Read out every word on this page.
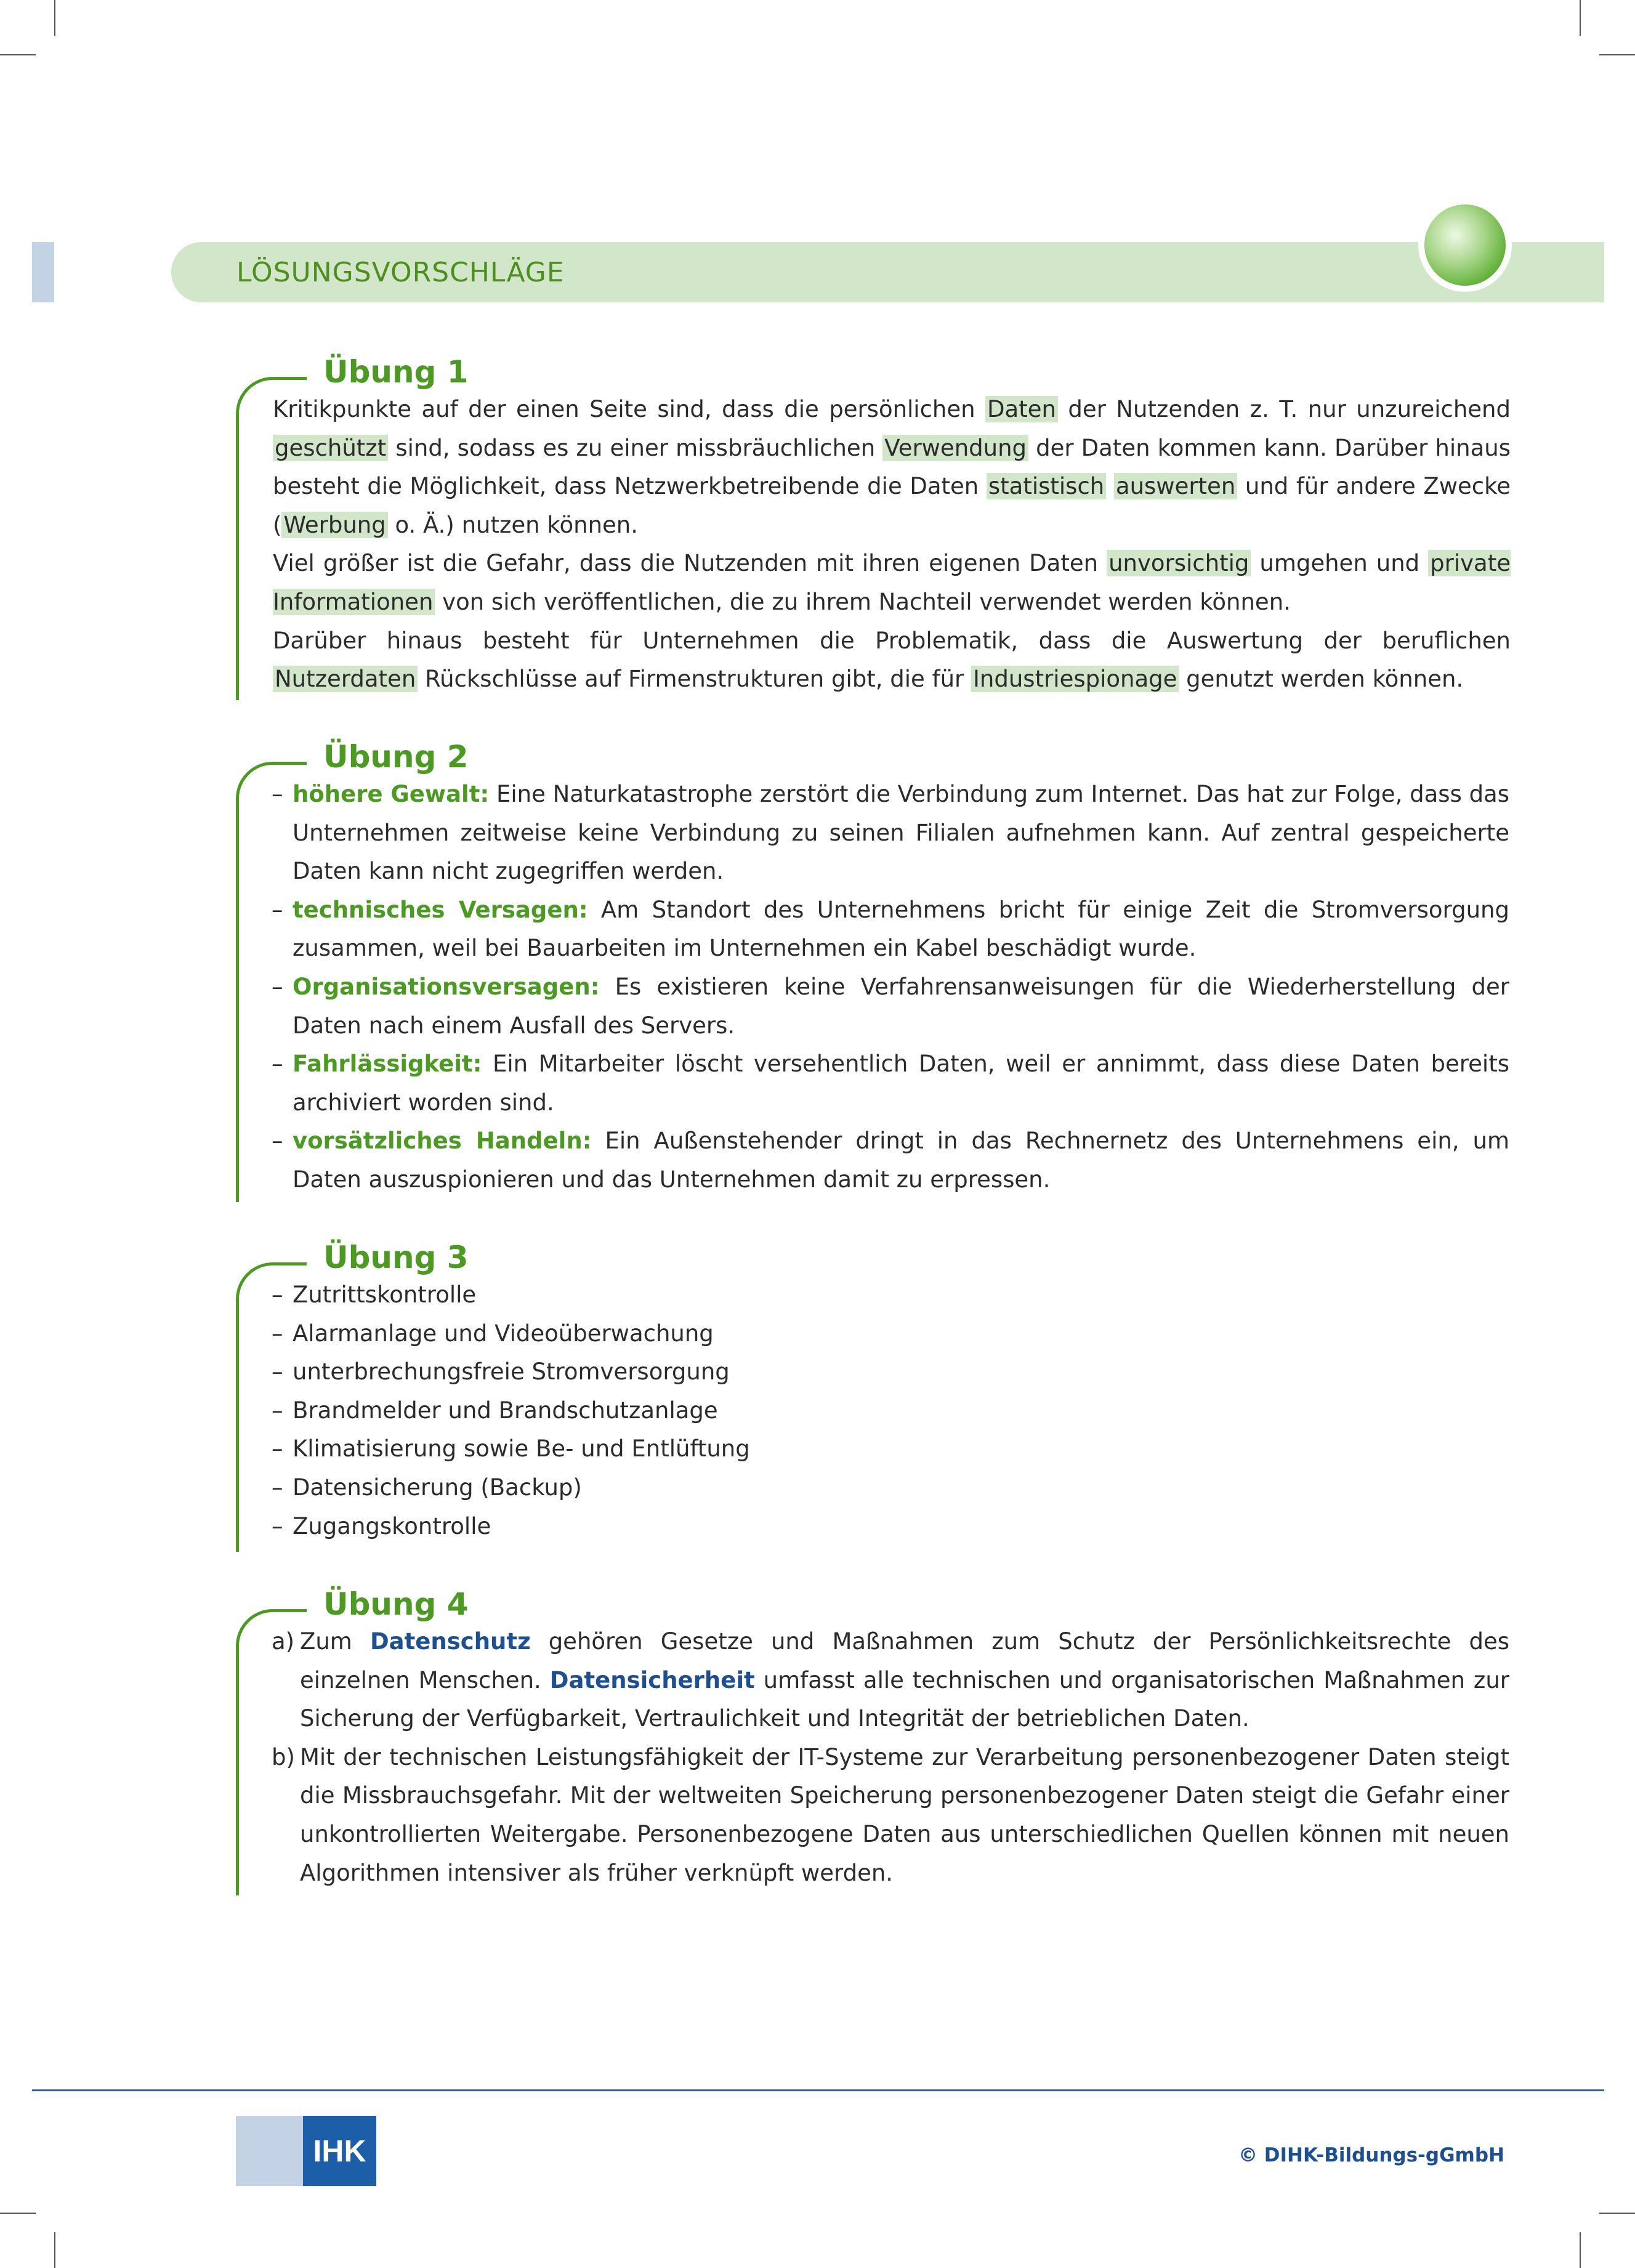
LÖSUNGSVORSCHLÄGE
Übung 1

Kritikpunkte auf der einen Seite sind, dass die persönlichen Daten der Nutzenden z. T. nur unzureichend geschützt sind, sodass es zu einer missbräuchlichen Verwendung der Daten kommen kann. Darüber hinaus besteht die Möglichkeit, dass Netzwerkbetreibende die Daten statistisch auswerten und für andere Zwecke (Werbung o. Ä.) nutzen können.

Viel größer ist die Gefahr, dass die Nutzenden mit ihren eigenen Daten unvorsichtig umgehen und private Informationen von sich veröffentlichen, die zu ihrem Nachteil verwendet werden können.

Darüber hinaus besteht für Unternehmen die Problematik, dass die Auswertung der beruflichen Nutzerdaten Rückschlüsse auf Firmenstrukturen gibt, die für Industriespionage genutzt werden können.

Übung 2
– höhere Gewalt: Eine Naturkatastrophe zerstört die Verbindung zum Internet. Das hat zur Folge, dass das Unternehmen zeitweise keine Verbindung zu seinen Filialen aufnehmen kann. Auf zentral gespeicherte Daten kann nicht zugegriffen werden.
– technisches Versagen: Am Standort des Unternehmens bricht für einige Zeit die Stromversorgung zusammen, weil bei Bauarbeiten im Unternehmen ein Kabel beschädigt wurde.
– Organisationsversagen: Es existieren keine Verfahrensanweisungen für die Wiederherstellung der Daten nach einem Ausfall des Servers.
– Fahrlässigkeit: Ein Mitarbeiter löscht versehentlich Daten, weil er annimmt, dass diese Daten bereits archiviert worden sind.
– vorsätzliches Handeln: Ein Außenstehender dringt in das Rechnernetz des Unternehmens ein, um Daten auszuspionieren und das Unternehmen damit zu erpressen.
Übung 3
– Zutrittskontrolle
– Alarmanlage und Videoüberwachung
– unterbrechungsfreie Stromversorgung
– Brandmelder und Brandschutzanlage
– Klimatisierung sowie Be- und Entlüftung
– Datensicherung (Backup)
– Zugangskontrolle
Übung 4
a) Zum Datenschutz gehören Gesetze und Maßnahmen zum Schutz der Persönlichkeitsrechte des einzelnen Menschen. Datensicherheit umfasst alle technischen und organisatorischen Maßnahmen zur Sicherung der Verfügbarkeit, Vertraulichkeit und Integrität der betrieblichen Daten.
b) Mit der technischen Leistungsfähigkeit der IT-Systeme zur Verarbeitung personenbezogener Daten steigt die Missbrauchsgefahr. Mit der weltweiten Speicherung personenbezogener Daten steigt die Gefahr einer unkontrollierten Weitergabe. Personenbezogene Daten aus unterschiedlichen Quellen können mit neuen Algorithmen intensiver als früher verknüpft werden.
IHK	© DIHK-Bildungs-gGmbH
